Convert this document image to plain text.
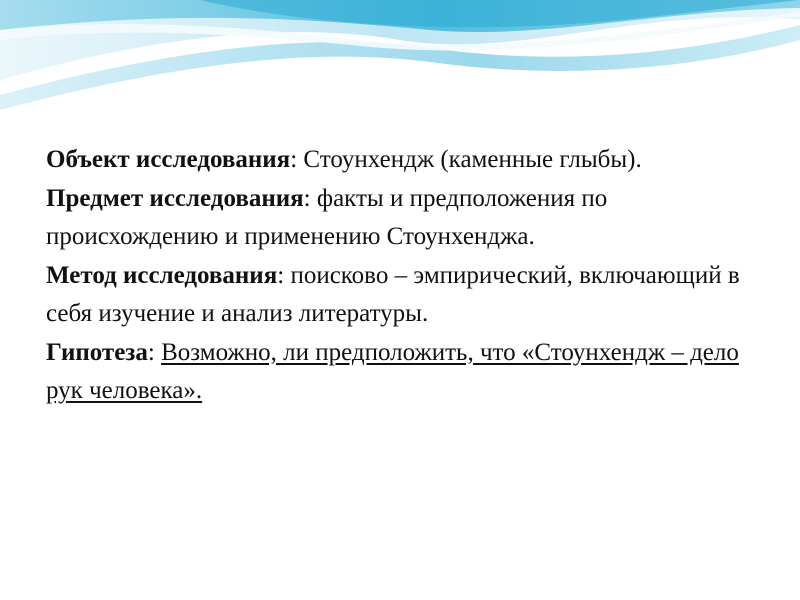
Объект исследования: Стоунхендж (каменные глыбы).

Предмет исследования: факты и предположения по происхождению и применению Стоунхенджа.

Метод исследования: поисково – эмпирический, включающий в себя изучение и анализ литературы.

Гипотеза: Возможно, ли предположить, что «Стоунхендж – дело рук человека».
